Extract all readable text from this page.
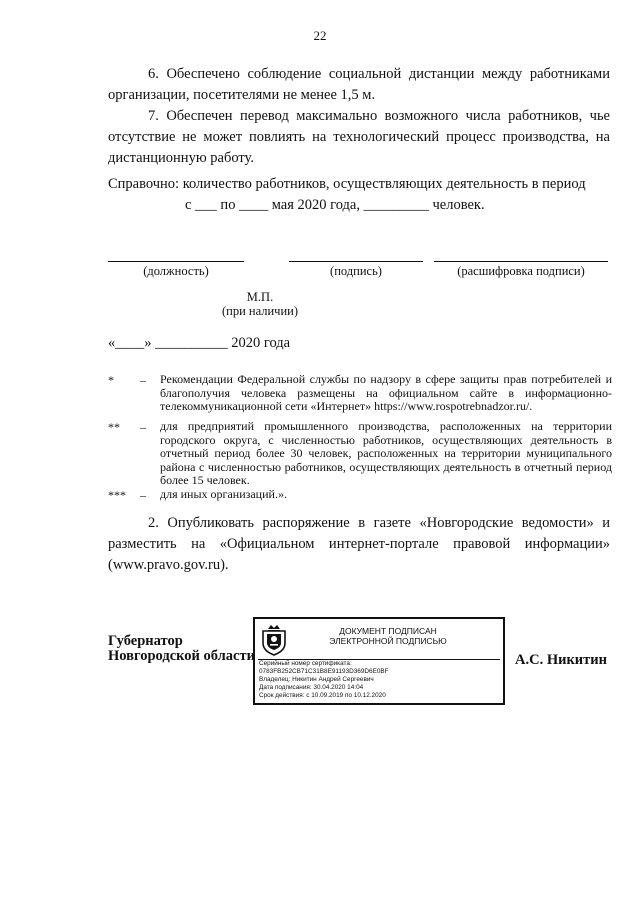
22
6. Обеспечено соблюдение социальной дистанции между работниками организации, посетителями не менее 1,5 м.
7. Обеспечен перевод максимально возможного числа работников, чье отсутствие не может повлиять на технологический процесс производства, на дистанционную работу.
Справочно: количество работников, осуществляющих деятельность в период
с ___ по ____ мая 2020 года, _________ человек.
(должность)	(подпись)	(расшифровка подписи)
М.П.
(при наличии)
«____» __________ 2020 года
* – Рекомендации Федеральной службы по надзору в сфере защиты прав потребителей и благополучия человека размещены на официальном сайте в информационно-телекоммуникационной сети «Интернет» https://www.rospotrebnadzor.ru/.
** – для предприятий промышленного производства, расположенных на территории городского округа, с численностью работников, осуществляющих деятельность в отчетный период более 30 человек, расположенных на территории муниципального района с численностью работников, осуществляющих деятельность в отчетный период более 15 человек.
*** – для иных организаций.».
2. Опубликовать распоряжение в газете «Новгородские ведомости» и разместить на «Официальном интернет-портале правовой информации» (www.pravo.gov.ru).
Губернатор
Новгородской области
ДОКУМЕНТ ПОДПИСАН
ЭЛЕКТРОННОЙ ПОДПИСЬЮ
Серийный номер сертификата:
0783FB252CB71C31B8E91193D369D6E0BF
Владелец: Никитин Андрей Сергеевич
Дата подписания: 30.04.2020 14:04
Срок действия: с 10.09.2019 по 10.12.2020
А.С. Никитин
